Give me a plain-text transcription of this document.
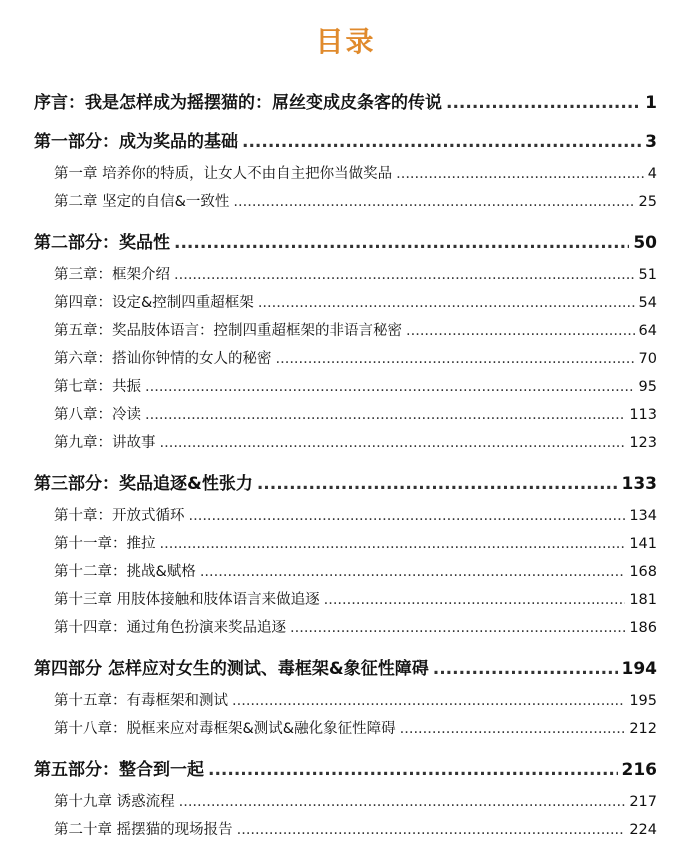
目录
序言：我是怎样成为摇摆猫的：屌丝变成皮条客的传说 .....	1
第一部分：成为奖品的基础 .....	3
第一章 培养你的特质，让女人不由自主把你当做奖品 .....	4
第二章 坚定的自信&一致性 .....	25
第二部分：奖品性 .....	50
第三章：框架介绍 .....	51
第四章：设定&控制四重超框架 .....	54
第五章：奖品肢体语言：控制四重超框架的非语言秘密 .....	64
第六章：搭讪你钟情的女人的秘密 .....	70
第七章：共振 .....	95
第八章：冷读 .....	113
第九章：讲故事 .....	123
第三部分：奖品追逐&性张力 .....	133
第十章：开放式循环 .....	134
第十一章：推拉 .....	141
第十二章：挑战&赋格 .....	168
第十三章 用肢体接触和肢体语言来做追逐 .....	181
第十四章：通过角色扮演来奖品追逐 .....	186
第四部分 怎样应对女生的测试、毒框架&象征性障碍 .....	194
第十五章：有毒框架和测试 .....	195
第十八章：脱框来应对毒框架&测试&融化象征性障碍 .....	212
第五部分：整合到一起 .....	216
第十九章 诱惑流程 .....	217
第二十章 摇摆猫的现场报告 .....	224
